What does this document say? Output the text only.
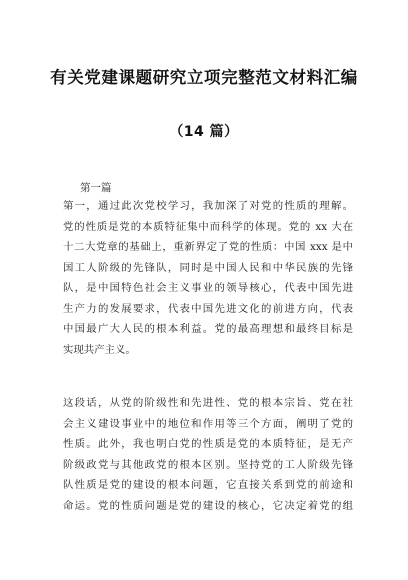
有关党建课题研究立项完整范文材料汇编
（14 篇）
第一篇
第一，通过此次党校学习，我加深了对党的性质的理解。
党的性质是党的本质特征集中而科学的体现。党的 xx 大在
十二大党章的基础上，重新界定了党的性质：中国 xxx 是中
国工人阶级的先锋队，同时是中国人民和中华民族的先锋
队，是中国特色社会主义事业的领导核心，代表中国先进
生产力的发展要求，代表中国先进文化的前进方向，代表
中国最广大人民的根本利益。党的最高理想和最终目标是
实现共产主义。
这段话，从党的阶级性和先进性、党的根本宗旨、党在社
会主义建设事业中的地位和作用等三个方面，阐明了党的
性质。此外，我也明白党的性质是党的本质特征，是无产
阶级政党与其他政党的根本区别。坚持党的工人阶级先锋
队性质是党的建设的根本问题，它直接关系到党的前途和
命运。党的性质问题是党的建设的核心，它决定着党的组
